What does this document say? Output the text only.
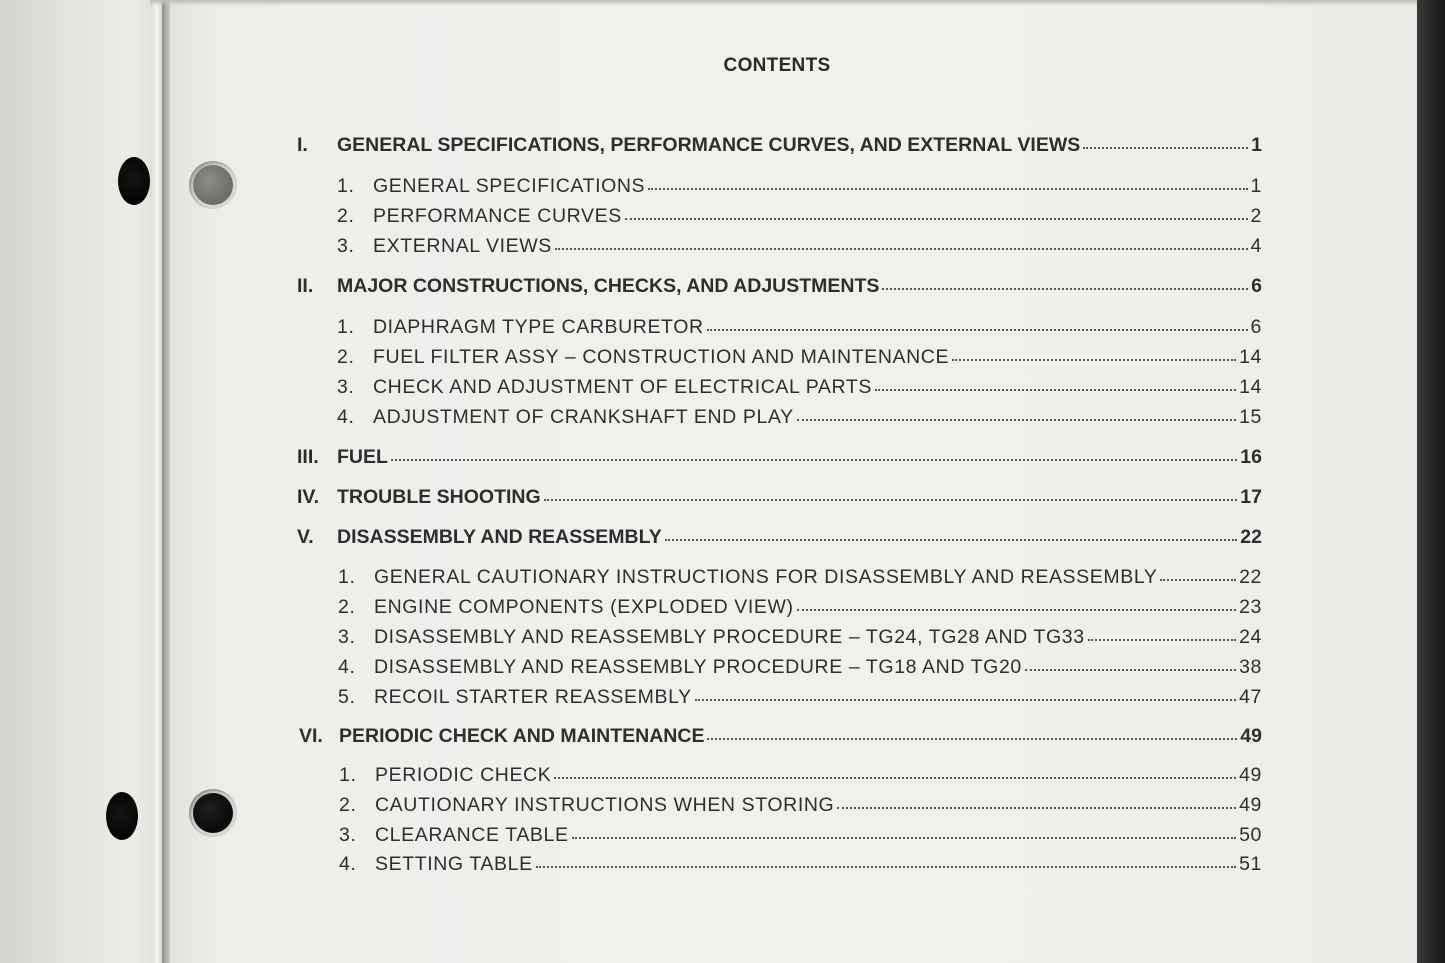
CONTENTS
I.	GENERAL SPECIFICATIONS, PERFORMANCE CURVES, AND EXTERNAL VIEWS	1
1. GENERAL SPECIFICATIONS	1
2. PERFORMANCE CURVES	2
3. EXTERNAL VIEWS	4
II.	MAJOR CONSTRUCTIONS, CHECKS, AND ADJUSTMENTS	6
1. DIAPHRAGM TYPE CARBURETOR	6
2. FUEL FILTER ASSY – CONSTRUCTION AND MAINTENANCE	14
3. CHECK AND ADJUSTMENT OF ELECTRICAL PARTS	14
4. ADJUSTMENT OF CRANKSHAFT END PLAY	15
III. FUEL	16
IV. TROUBLE SHOOTING	17
V.	DISASSEMBLY AND REASSEMBLY	22
1. GENERAL CAUTIONARY INSTRUCTIONS FOR DISASSEMBLY AND REASSEMBLY	22
2. ENGINE COMPONENTS (EXPLODED VIEW)	23
3. DISASSEMBLY AND REASSEMBLY PROCEDURE – TG24, TG28 AND TG33	24
4. DISASSEMBLY AND REASSEMBLY PROCEDURE – TG18 AND TG20	38
5. RECOIL STARTER REASSEMBLY	47
VI. PERIODIC CHECK AND MAINTENANCE	49
1. PERIODIC CHECK	49
2. CAUTIONARY INSTRUCTIONS WHEN STORING	49
3. CLEARANCE TABLE	50
4. SETTING TABLE	51
